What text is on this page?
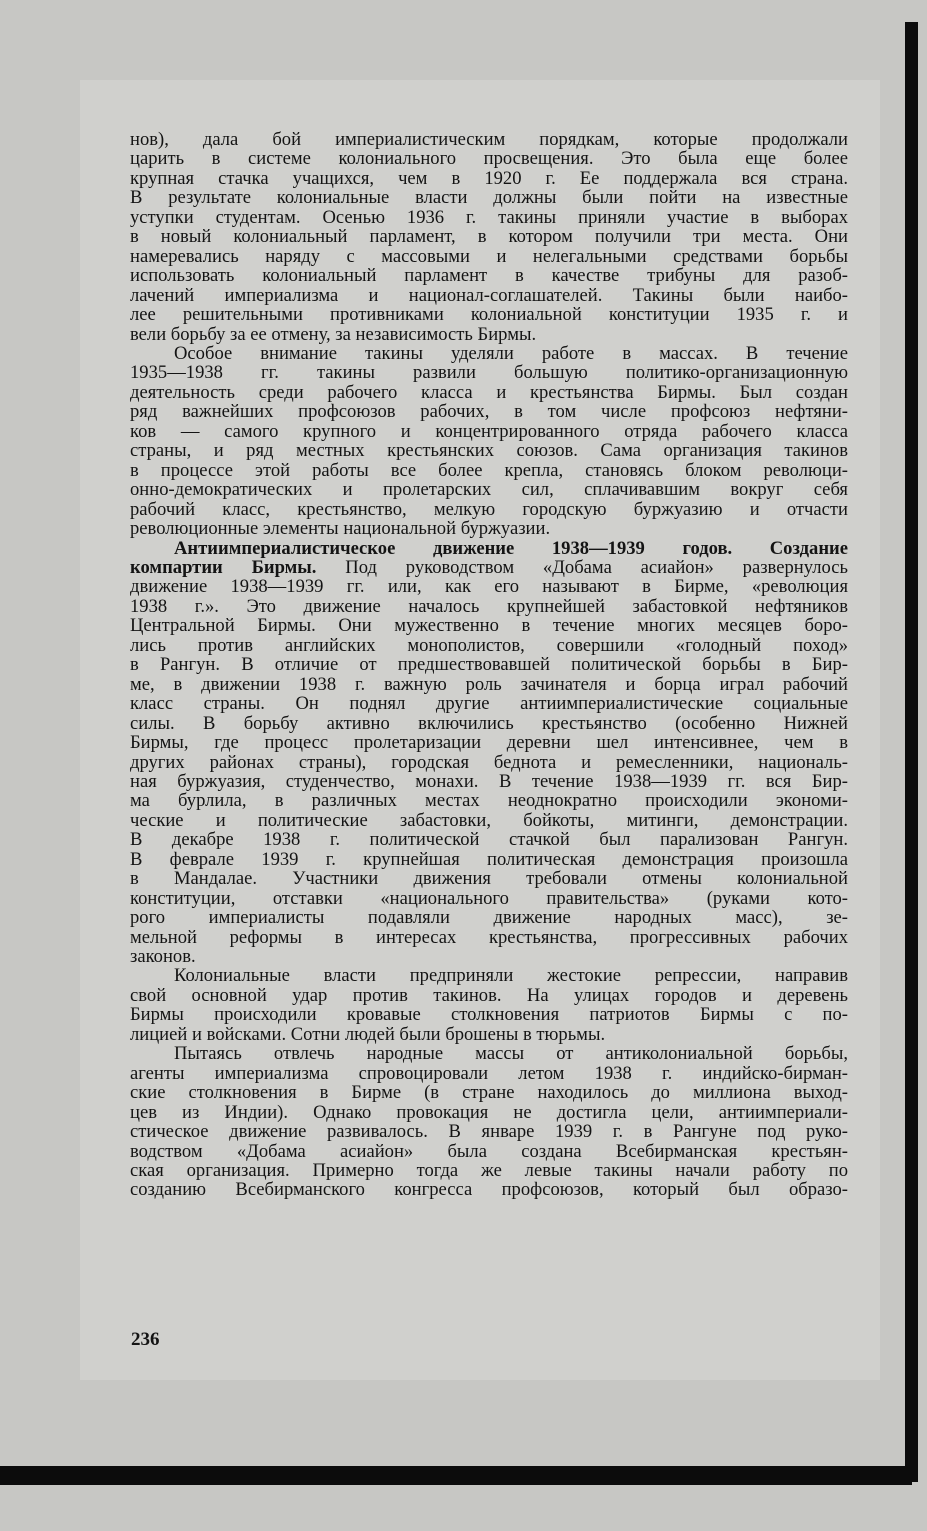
нов), дала бой империалистическим порядкам, которые продолжали
царить в системе колониального просвещения. Это была еще более
крупная стачка учащихся, чем в 1920 г. Ее поддержала вся страна.
В результате колониальные власти должны были пойти на известные
уступки студентам. Осенью 1936 г. такины приняли участие в выборах
в новый колониальный парламент, в котором получили три места. Они
намеревались наряду с массовыми и нелегальными средствами борьбы
использовать колониальный парламент в качестве трибуны для разоб-
лачений империализма и национал-соглашателей. Такины были наибо-
лее решительными противниками колониальной конституции 1935 г. и
вели борьбу за ее отмену, за независимость Бирмы.
Особое внимание такины уделяли работе в массах. В течение
1935—1938 гг. такины развили большую политико-организационную
деятельность среди рабочего класса и крестьянства Бирмы. Был создан
ряд важнейших профсоюзов рабочих, в том числе профсоюз нефтяни-
ков — самого крупного и концентрированного отряда рабочего класса
страны, и ряд местных крестьянских союзов. Сама организация такинов
в процессе этой работы все более крепла, становясь блоком революци-
онно-демократических и пролетарских сил, сплачивавшим вокруг себя
рабочий класс, крестьянство, мелкую городскую буржуазию и отчасти
революционные элементы национальной буржуазии.
Антиимпериалистическое движение 1938—1939 годов. Создание
компартии Бирмы. Под руководством «Добама асиайон» развернулось
движение 1938—1939 гг. или, как его называют в Бирме, «революция
1938 г.». Это движение началось крупнейшей забастовкой нефтяников
Центральной Бирмы. Они мужественно в течение многих месяцев боро-
лись против английских монополистов, совершили «голодный поход»
в Рангун. В отличие от предшествовавшей политической борьбы в Бир-
ме, в движении 1938 г. важную роль зачинателя и борца играл рабочий
класс страны. Он поднял другие антиимпериалистические социальные
силы. В борьбу активно включились крестьянство (особенно Нижней
Бирмы, где процесс пролетаризации деревни шел интенсивнее, чем в
других районах страны), городская беднота и ремесленники, националь-
ная буржуазия, студенчество, монахи. В течение 1938—1939 гг. вся Бир-
ма бурлила, в различных местах неоднократно происходили экономи-
ческие и политические забастовки, бойкоты, митинги, демонстрации.
В декабре 1938 г. политической стачкой был парализован Рангун.
В феврале 1939 г. крупнейшая политическая демонстрация произошла
в Мандалае. Участники движения требовали отмены колониальной
конституции, отставки «национального правительства» (руками кото-
рого империалисты подавляли движение народных масс), зе-
мельной реформы в интересах крестьянства, прогрессивных рабочих
законов.
Колониальные власти предприняли жестокие репрессии, направив
свой основной удар против такинов. На улицах городов и деревень
Бирмы происходили кровавые столкновения патриотов Бирмы с по-
лицией и войсками. Сотни людей были брошены в тюрьмы.
Пытаясь отвлечь народные массы от антиколониальной борьбы,
агенты империализма спровоцировали летом 1938 г. индийско-бирман-
ские столкновения в Бирме (в стране находилось до миллиона выход-
цев из Индии). Однако провокация не достигла цели, антиимпериали-
стическое движение развивалось. В январе 1939 г. в Рангуне под руко-
водством «Добама асиайон» была создана Всебирманская крестьян-
ская организация. Примерно тогда же левые такины начали работу по
созданию Всебирманского конгресса профсоюзов, который был образо-
236
